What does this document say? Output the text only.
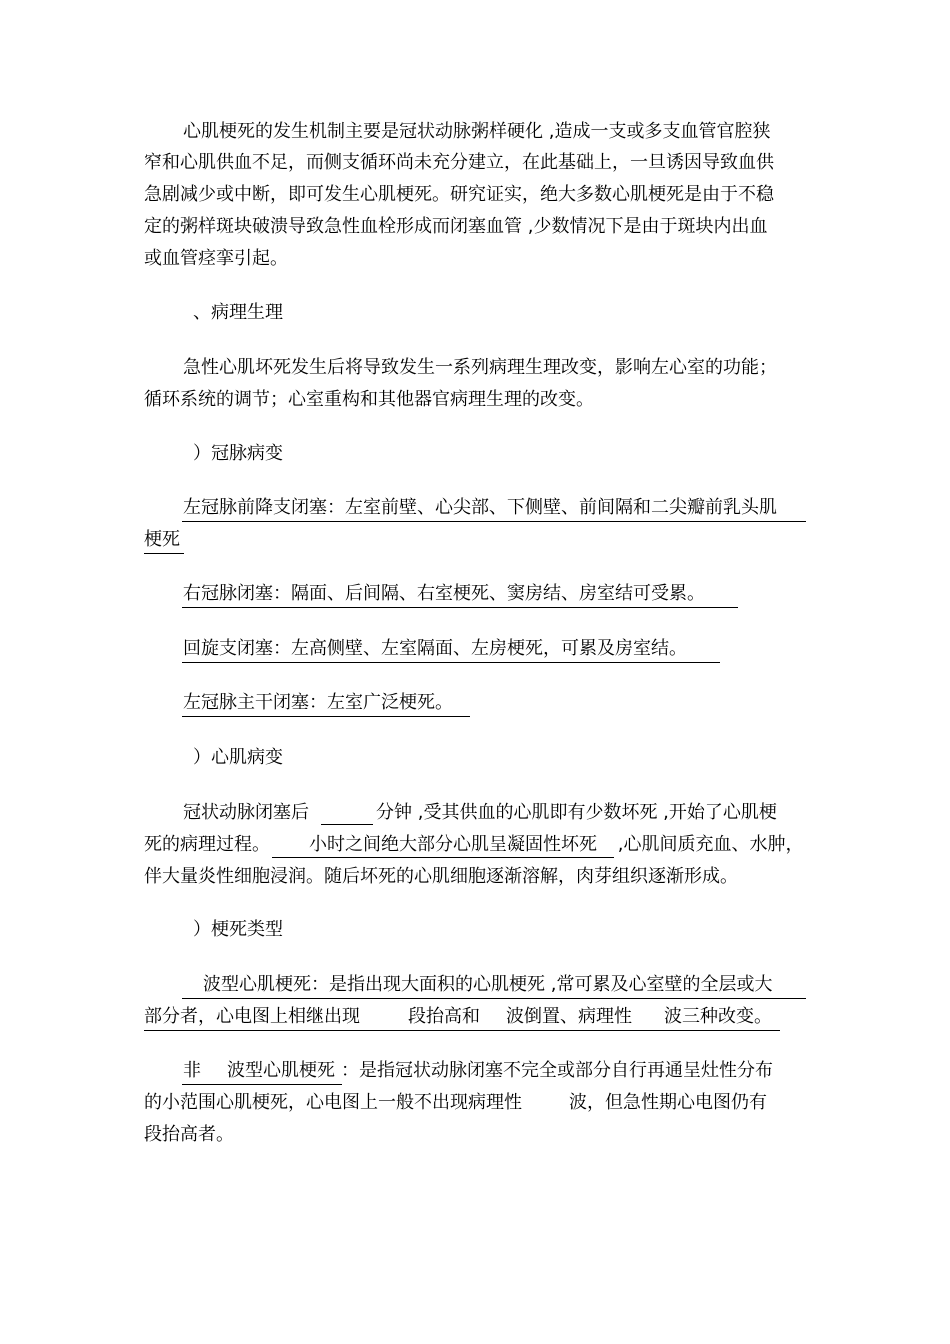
心肌梗死的发生机制主要是冠状动脉粥样硬化 ,造成一支或多支血管官腔狭
窄和心肌供血不足，而侧支循环尚未充分建立，在此基础上，一旦诱因导致血供
急剧减少或中断，即可发生心肌梗死。研究证实，绝大多数心肌梗死是由于不稳
定的粥样斑块破溃导致急性血栓形成而闭塞血管 ,少数情况下是由于斑块内出血
或血管痉挛引起。
、病理生理
急性心肌坏死发生后将导致发生一系列病理生理改变，影响左心室的功能；
循环系统的调节；心室重构和其他器官病理生理的改变。
）冠脉病变
左冠脉前降支闭塞：左室前壁、心尖部、下侧壁、前间隔和二尖瓣前乳头肌
梗死
右冠脉闭塞：隔面、后间隔、右室梗死、窦房结、房室结可受累。
回旋支闭塞：左高侧壁、左室隔面、左房梗死，可累及房室结。
左冠脉主干闭塞：左室广泛梗死。
）心肌病变
冠状动脉闭塞后	分钟 ,受其供血的心肌即有少数坏死 ,开始了心肌梗
死的病理过程。 小时之间绝大部分心肌呈凝固性坏死 ,心肌间质充血、水肿，
伴大量炎性细胞浸润。随后坏死的心肌细胞逐渐溶解，肉芽组织逐渐形成。
）梗死类型
波型心肌梗死：是指出现大面积的心肌梗死 ,常可累及心室壁的全层或大
部分者，心电图上相继出现	段抬高和 波倒置、病理性 波三种改变。
非 波型心肌梗死 ：是指冠状动脉闭塞不完全或部分自行再通呈灶性分布
的小范围心肌梗死，心电图上一般不出现病理性	波，但急性期心电图仍有
段抬高者。
